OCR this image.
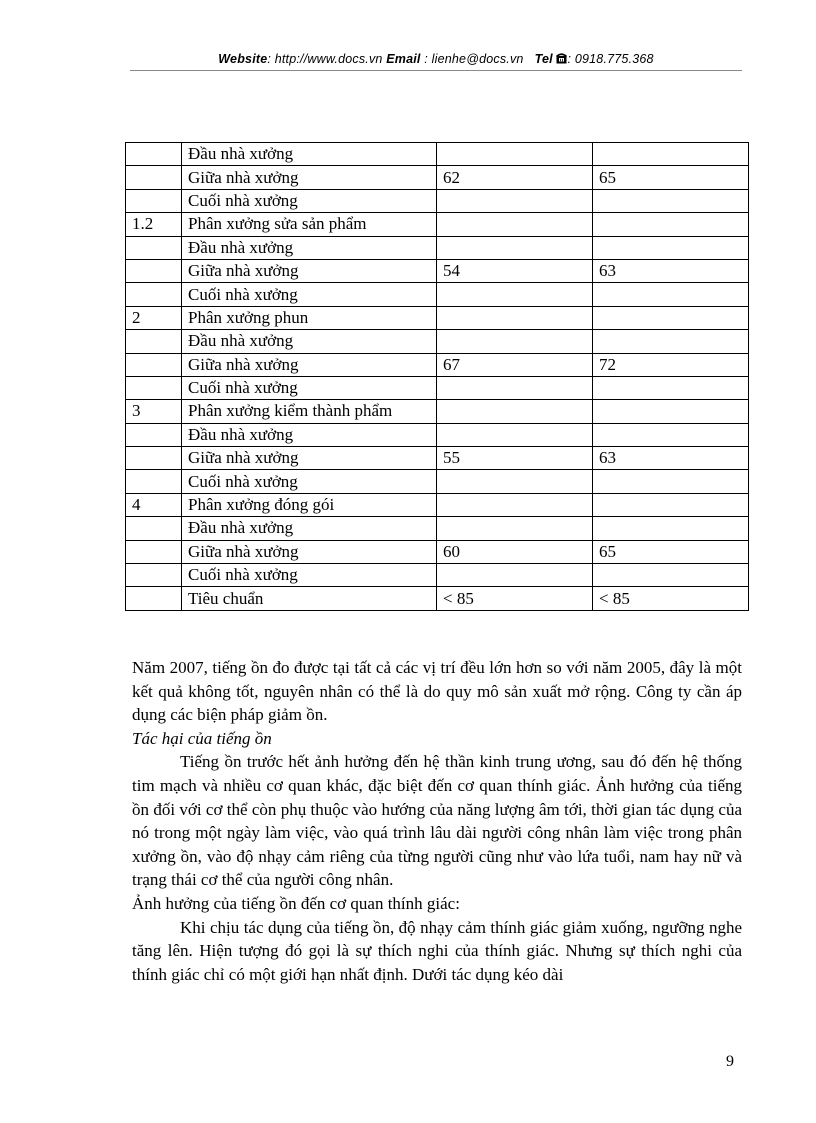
Website: http://www.docs.vn Email : lienhe@docs.vn Tel : 0918.775.368
	Đầu nhà xưởng		
	Giữa nhà xưởng	62	65
	Cuối nhà xưởng		
1.2	Phân xưởng sửa sản phẩm		
	Đầu nhà xưởng		
	Giữa nhà xưởng	54	63
	Cuối nhà xưởng		
2	Phân xưởng phun		
	Đầu nhà xưởng		
	Giữa nhà xưởng	67	72
	Cuối nhà xưởng		
3	Phân xưởng kiểm thành phẩm		
	Đầu nhà xưởng		
	Giữa nhà xưởng	55	63
	Cuối nhà xưởng		
4	Phân xưởng đóng gói		
	Đầu nhà xưởng		
	Giữa nhà xưởng	60	65
	Cuối nhà xưởng		
	Tiêu chuẩn	< 85	< 85

Năm 2007, tiếng ồn đo được tại tất cả các vị trí đều lớn hơn so với năm 2005, đây là một kết quả không tốt, nguyên nhân có thể là do quy mô sản xuất mở rộng. Công ty cần áp dụng các biện pháp giảm ồn.

Tác hại của tiếng ồn

Tiếng ồn trước hết ảnh hưởng đến hệ thần kinh trung ương, sau đó đến hệ thống tim mạch và nhiều cơ quan khác, đặc biệt đến cơ quan thính giác. Ảnh hưởng của tiếng ồn đối với cơ thể còn phụ thuộc vào hướng của năng lượng âm tới, thời gian tác dụng của nó trong một ngày làm việc, vào quá trình lâu dài người công nhân làm việc trong phân xưởng ồn, vào độ nhạy cảm riêng của từng người cũng như vào lứa tuổi, nam hay nữ và trạng thái cơ thể của người công nhân.

Ảnh hưởng của tiếng ồn đến cơ quan thính giác:

Khi chịu tác dụng của tiếng ồn, độ nhạy cảm thính giác giảm xuống, ngưỡng nghe tăng lên. Hiện tượng đó gọi là sự thích nghi của thính giác. Nhưng sự thích nghi của thính giác chỉ có một giới hạn nhất định. Dưới tác dụng kéo dài

9
